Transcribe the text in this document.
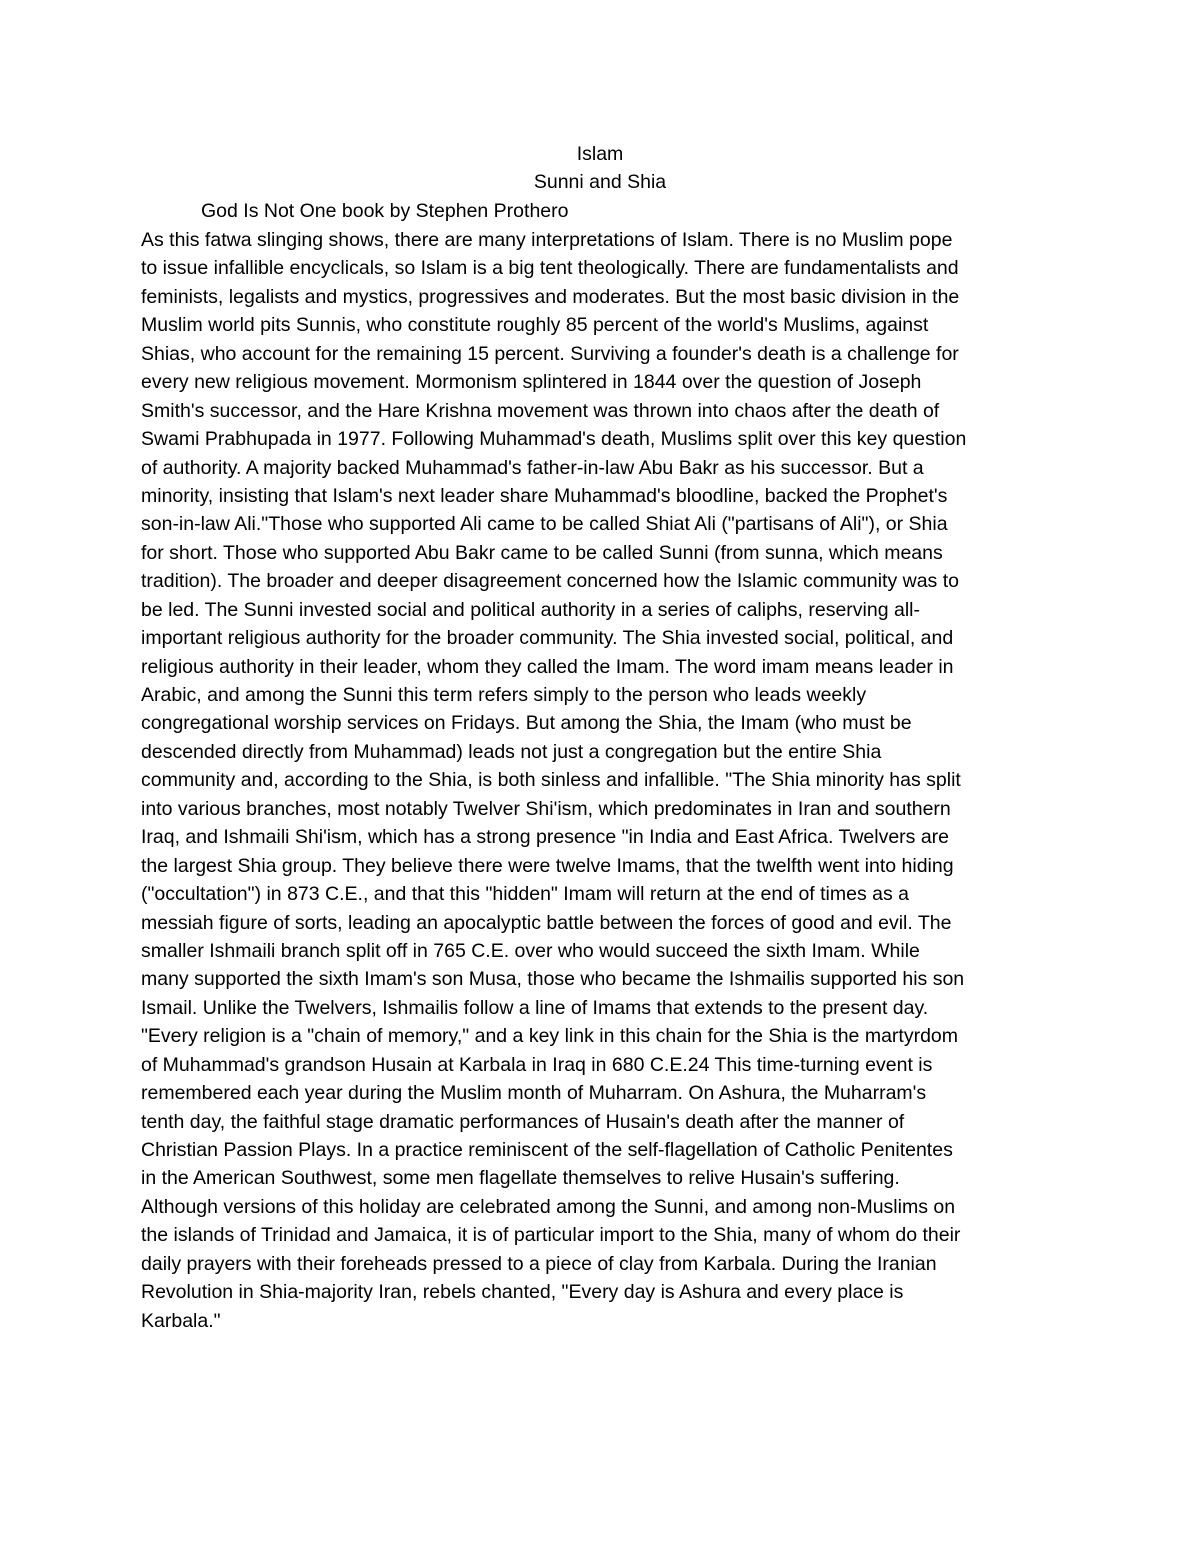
Islam
Sunni and Shia
God Is Not One book by Stephen Prothero
As this fatwa slinging shows, there are many interpretations of Islam. There is no Muslim pope
to issue infallible encyclicals, so Islam is a big tent theologically. There are fundamentalists and
feminists, legalists and mystics, progressives and moderates. But the most basic division in the
Muslim world pits Sunnis, who constitute roughly 85 percent of the world's Muslims, against
Shias, who account for the remaining 15 percent. Surviving a founder's death is a challenge for
every new religious movement. Mormonism splintered in 1844 over the question of Joseph
Smith's successor, and the Hare Krishna movement was thrown into chaos after the death of
Swami Prabhupada in 1977. Following Muhammad's death, Muslims split over this key question
of authority. A majority backed Muhammad's father-in-law Abu Bakr as his successor. But a
minority, insisting that Islam's next leader share Muhammad's bloodline, backed the Prophet's
son-in-law Ali."Those who supported Ali came to be called Shiat Ali ("partisans of Ali"), or Shia
for short. Those who supported Abu Bakr came to be called Sunni (from sunna, which means
tradition). The broader and deeper disagreement concerned how the Islamic community was to
be led. The Sunni invested social and political authority in a series of caliphs, reserving all-
important religious authority for the broader community. The Shia invested social, political, and
religious authority in their leader, whom they called the Imam. The word imam means leader in
Arabic, and among the Sunni this term refers simply to the person who leads weekly
congregational worship services on Fridays. But among the Shia, the Imam (who must be
descended directly from Muhammad) leads not just a congregation but the entire Shia
community and, according to the Shia, is both sinless and infallible. "The Shia minority has split
into various branches, most notably Twelver Shi'ism, which predominates in Iran and southern
Iraq, and Ishmaili Shi'ism, which has a strong presence "in India and East Africa. Twelvers are
the largest Shia group. They believe there were twelve Imams, that the twelfth went into hiding
("occultation") in 873 C.E., and that this "hidden" Imam will return at the end of times as a
messiah figure of sorts, leading an apocalyptic battle between the forces of good and evil. The
smaller Ishmaili branch split off in 765 C.E. over who would succeed the sixth Imam. While
many supported the sixth Imam's son Musa, those who became the Ishmailis supported his son
Ismail. Unlike the Twelvers, Ishmailis follow a line of Imams that extends to the present day.
"Every religion is a "chain of memory," and a key link in this chain for the Shia is the martyrdom
of Muhammad's grandson Husain at Karbala in Iraq in 680 C.E.24 This time-turning event is
remembered each year during the Muslim month of Muharram. On Ashura, the Muharram's
tenth day, the faithful stage dramatic performances of Husain's death after the manner of
Christian Passion Plays. In a practice reminiscent of the self-flagellation of Catholic Penitentes
in the American Southwest, some men flagellate themselves to relive Husain's suffering.
Although versions of this holiday are celebrated among the Sunni, and among non-Muslims on
the islands of Trinidad and Jamaica, it is of particular import to the Shia, many of whom do their
daily prayers with their foreheads pressed to a piece of clay from Karbala. During the Iranian
Revolution in Shia-majority Iran, rebels chanted, "Every day is Ashura and every place is
Karbala."
